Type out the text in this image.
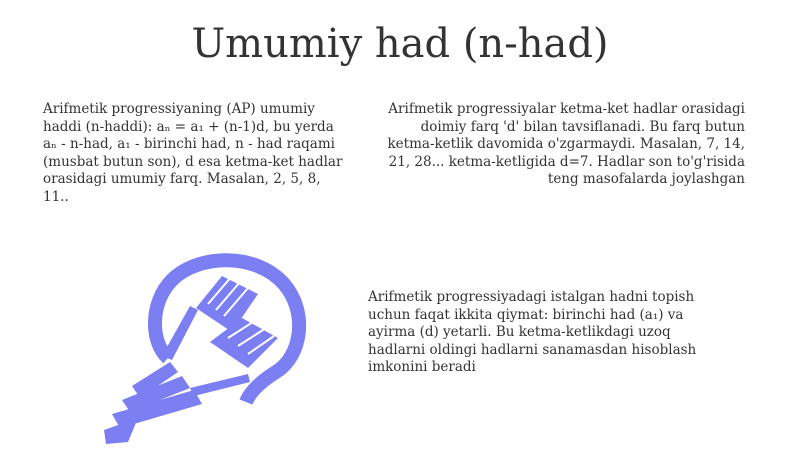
Umumiy had (n-had)

Arifmetik progressiyaning (AP) umumiy haddi (n-haddi): aₙ = a₁ + (n-1)d, bu yerda aₙ - n-had, a₁ - birinchi had, n - had raqami (musbat butun son), d esa ketma-ket hadlar orasidagi umumiy farq. Masalan, 2, 5, 8, 11..

Arifmetik progressiyalar ketma-ket hadlar orasidagi doimiy farq 'd' bilan tavsiflanadi. Bu farq butun ketma-ketlik davomida o'zgarmaydi. Masalan, 7, 14, 21, 28... ketma-ketligida d=7. Hadlar son to'g'risida teng masofalarda joylashgan

Arifmetik progressiyadagi istalgan hadni topish uchun faqat ikkita qiymat: birinchi had (a₁) va ayirma (d) yetarli. Bu ketma-ketlikdagi uzoq hadlarni oldingi hadlarni sanamasdan hisoblash imkonini beradi
